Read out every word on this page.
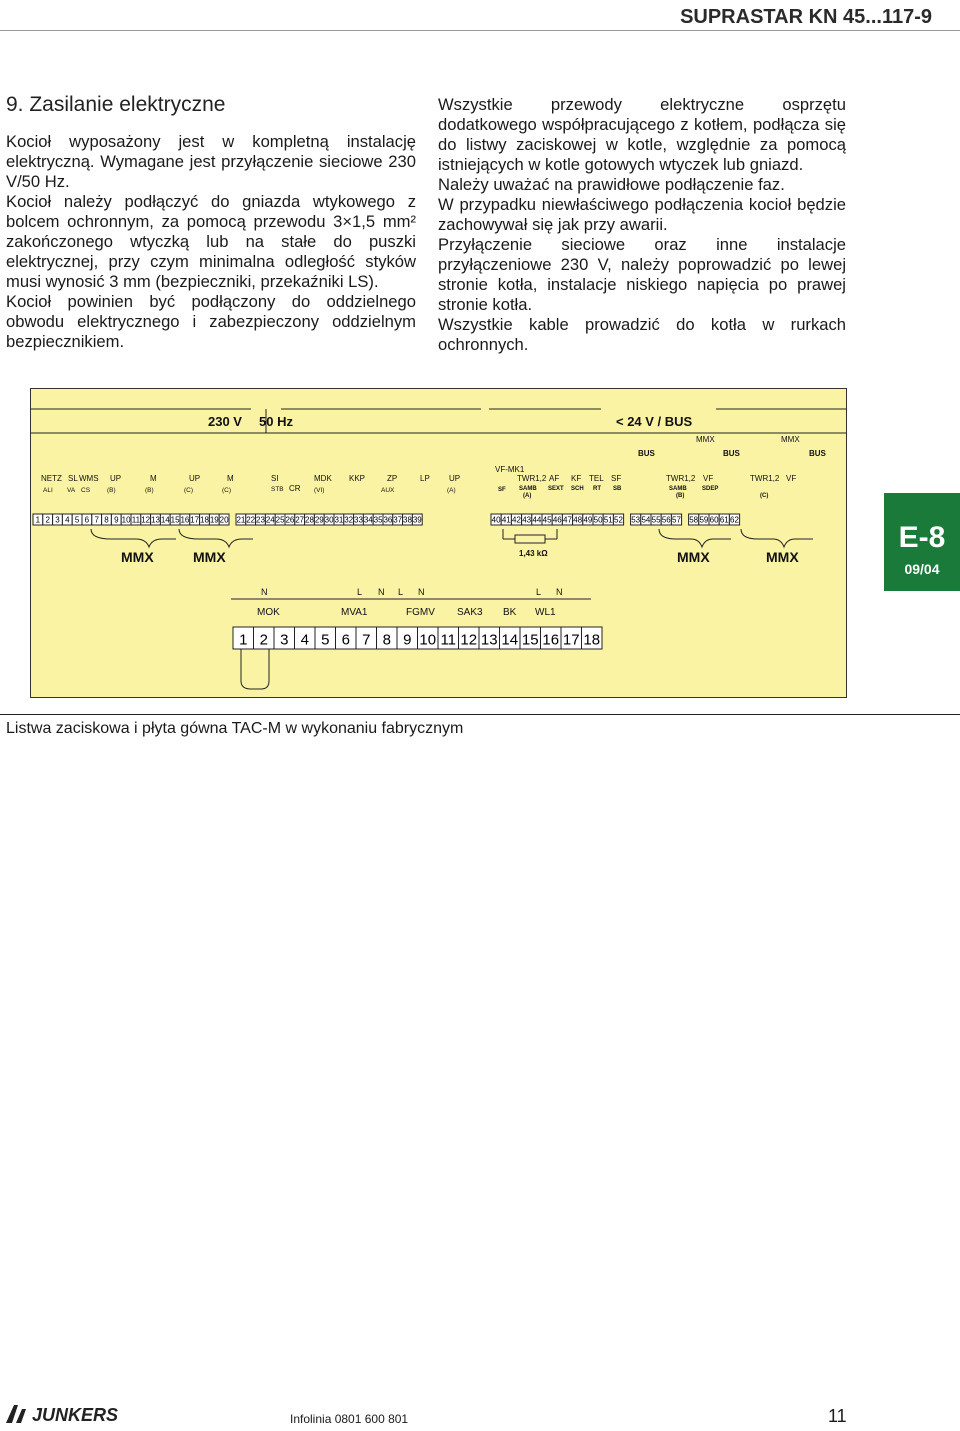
SUPRASTAR KN 45...117-9
9. Zasilanie elektryczne

Kocioł wyposażony jest w kompletną instalację elektryczną. Wymagane jest przyłączenie sieciowe 230 V/50 Hz.

Kocioł należy podłączyć do gniazda wtykowego z bolcem ochronnym, za pomocą przewodu 3×1,5 mm² zakończonego wtyczką lub na stałe do puszki elektrycznej, przy czym minimalna odległość styków musi wynosić 3 mm (bezpieczniki, przekaźniki LS).

Kocioł powinien być podłączony do oddzielnego obwodu elektrycznego i zabezpieczony oddzielnym bezpiecznikiem.

Wszystkie przewody elektryczne osprzętu dodatkowego współpracującego z kotłem, podłącza się do listwy zaciskowej w kotle, względnie za pomocą istniejących w kotle gotowych wtyczek lub gniazd.

Należy uważać na prawidłowe podłączenie faz.

W przypadku niewłaściwego podłączenia kocioł będzie zachowywał się jak przy awarii.

Przyłączenie sieciowe oraz inne instalacje przyłączeniowe 230 V, należy poprowadzić po lewej stronie kotła, instalacje niskiego napięcia po prawej stronie kotła.

Wszystkie kable prowadzić do kotła w rurkach ochronnych.

230 V 50 Hz	< 24 V / BUS
MMX	MMX
BUS	BUS	BUS
NETZ SL WMS UP	M	UP	M	SI
CR
MDK KKP	ZP	LP UP
ALI VA CS	(B)	(B)	(C)	(C)	STB	(VI)	AUX	(A)
VF-MK1
TWR1,2 AF KF TEL SF	TWR1,2 VF	TWR1,2 VF
SF SAMB
(A)
SEXT SCH RT SB	SAMB	SDEP
(B)	(C)
1 2 3 4 5 6 7 8 9 10 11 12 13 14 15 16 17 18 19 20 21 22 23 24 25 26 27 28 29 30 31 32 33 34 35 36 37 38 39	40 41 42 43 44 45 46 47 48 49 50 51 52 53 54 55 56 57 58 59 60 61 62
MMX	MMX	MMX	MMX
1,43 kΩ
N	L N L N	L N
MOK	MVA1	FGMV SAK3 BK WL1
1 2 3 4 5 6 7 8 9 10 11 12 13 14 15 16 17 18
Listwa zaciskowa i płyta gówna TAC-M w wykonaniu fabrycznym
E-8
09/04
JUNKERS	Infolinia 0801 600 801	11
